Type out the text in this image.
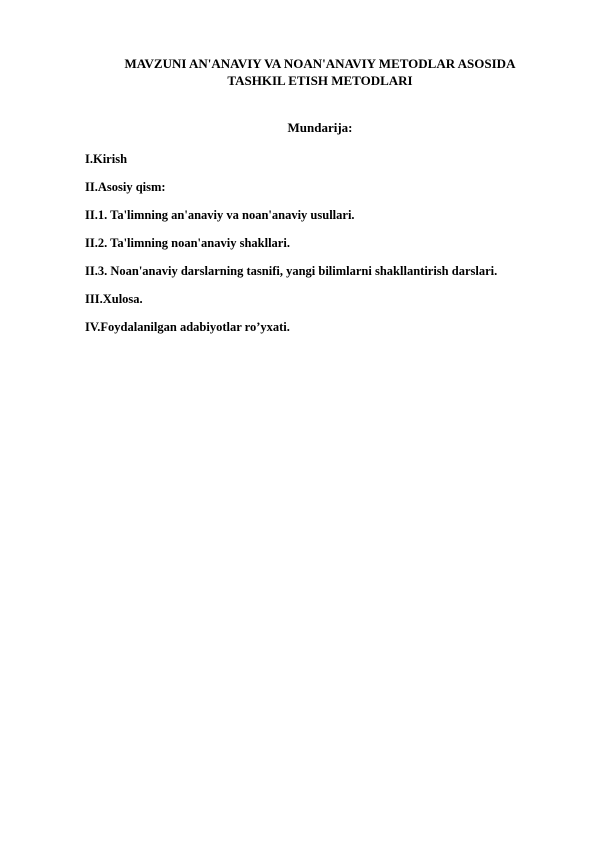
MAVZUNI AN'ANAVIY VA NOAN'ANAVIY METODLAR ASOSIDA
TASHKIL ETISH METODLARI
Mundarija:
I.Kirish
II.Asosiy qism:
II.1. Ta'limning an'anaviy va noan'anaviy usullari.
II.2. Ta'limning noan'anaviy shakllari.
II.3. Noan'anaviy darslarning tasnifi, yangi bilimlarni shakllantirish darslari.
III.Xulosa.
IV.Foydalanilgan adabiyotlar ro’yxati.
